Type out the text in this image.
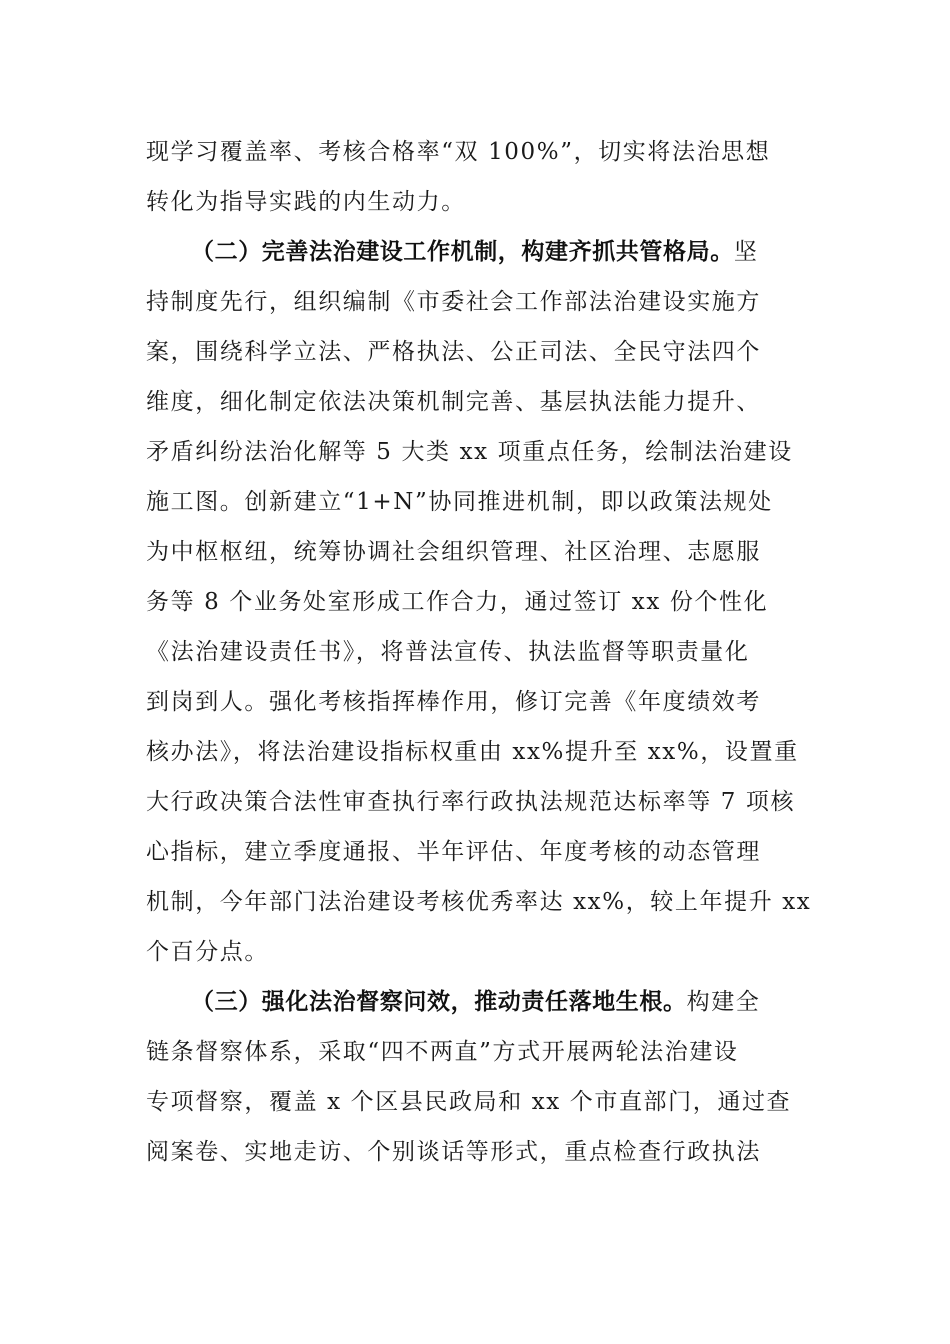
现学习覆盖率、考核合格率“双 100%”，切实将法治思想
转化为指导实践的内生动力。
（二）完善法治建设工作机制，构建齐抓共管格局。坚
持制度先行，组织编制《市委社会工作部法治建设实施方
案，围绕科学立法、严格执法、公正司法、全民守法四个
维度，细化制定依法决策机制完善、基层执法能力提升、
矛盾纠纷法治化解等 5 大类 xx 项重点任务，绘制法治建设
施工图。创新建立“1+N”协同推进机制，即以政策法规处
为中枢枢纽，统筹协调社会组织管理、社区治理、志愿服
务等 8 个业务处室形成工作合力，通过签订 xx 份个性化
《法治建设责任书》，将普法宣传、执法监督等职责量化
到岗到人。强化考核指挥棒作用，修订完善《年度绩效考
核办法》，将法治建设指标权重由 xx%提升至 xx%，设置重
大行政决策合法性审查执行率行政执法规范达标率等 7 项核
心指标，建立季度通报、半年评估、年度考核的动态管理
机制，今年部门法治建设考核优秀率达 xx%，较上年提升 xx
个百分点。
（三）强化法治督察问效，推动责任落地生根。构建全
链条督察体系，采取“四不两直”方式开展两轮法治建设
专项督察，覆盖 x 个区县民政局和 xx 个市直部门，通过查
阅案卷、实地走访、个别谈话等形式，重点检查行政执法
